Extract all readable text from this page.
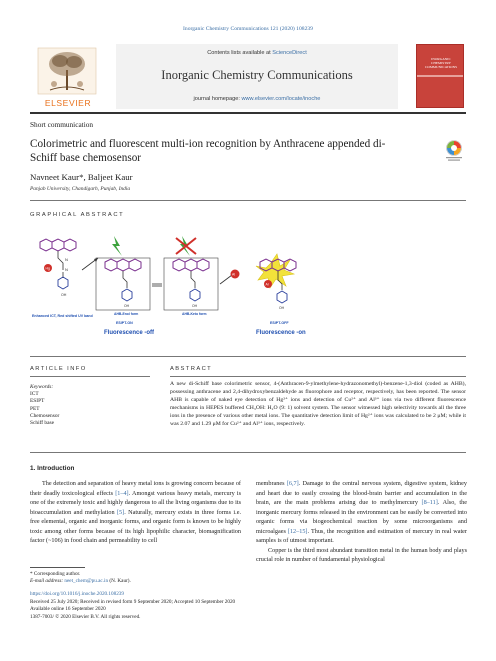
Inorganic Chemistry Communications 121 (2020) 108239
ELSEVIER
Contents lists available at ScienceDirect
Inorganic Chemistry Communications
journal homepage: www.elsevier.com/locate/inoche
INORGANIC CHEMISTRY COMMUNICATIONS
Short communication
Colorimetric and fluorescent multi-ion recognition by Anthracene appended di-Schiff base chemosensor
Navneet Kaur*, Baljeet Kaur
Panjab University, Chandigarh, Punjab, India
GRAPHICAL ABSTRACT
N
N
OH
Hg
Enhanced ICT, Red shifted UV band
OH
AHB-Enol form
ESIPT-ON
OH
AHB-Keto form
Al
OH
Al
ESIPT-OFF
Fluorescence -off	Fluorescence -on
ARTICLE INFO	ABSTRACT
Keywords:
ICT
ESIPT
PET
Chemosensor
Schiff base
A new di-Schiff base colorimetric sensor, 4-(Anthracen-9-ylmethylene-hydrazonomethyl)-benzene-1,3-diol (coded as AHB), possessing anthracene and 2,4-dihydroxybenzaldehyde as fluorophore and receptor, respectively, has been reported. The sensor AHB is capable of naked eye detection of Hg²⁺ ions and detection of Cu²⁺ and Al³⁺ ions via two different fluorescence mechanisms in HEPES buffered CH₃OH: H₂O (9: 1) solvent system. The sensor witnessed high selectivity towards all the three ions in the presence of various other metal ions. The quantitative detection limit of Hg²⁺ ions was calculated to be 2 μM; while it was 2.07 and 1.29 μM for Cu²⁺ and Al³⁺ ions, respectively.
1. Introduction

The detection and separation of heavy metal ions is growing concern because of their deadly toxicological effects [1–4]. Amongst various heavy metals, mercury is one of the extremely toxic and highly dangerous to all the living organisms due to its bioaccumulation and methylation [5]. Naturally, mercury exists in three forms i.e. free elemental, organic and inorganic forms, and organic form is known to be highly toxic among other forms because of its high lipophilic character, biomagnification factor (~106) in food chain and permeability to cell

membranes [6,7]. Damage to the central nervous system, digestive system, kidney and heart due to easily crossing the blood-brain barrier and accumulation in the brain, are the main problems arising due to methylmercury [8–11]. Also, the inorganic mercury forms released in the environment can be easily be converted into organic forms via biogeochemical reaction by some microorganisms and microalgaes [12–15]. Thus, the recognition and estimation of mercury in real water samples is of utmost important.

Copper is the third most abundant transition metal in the human body and plays crucial role in number of fundamental physiological

* Corresponding author.
E-mail address: neet_chem@pu.ac.in (N. Kaur).
https://doi.org/10.1016/j.inoche.2020.108239
Received 25 July 2020; Received in revised form 9 September 2020; Accepted 10 September 2020
Available online 16 September 2020
1387-7003/ © 2020 Elsevier B.V. All rights reserved.
